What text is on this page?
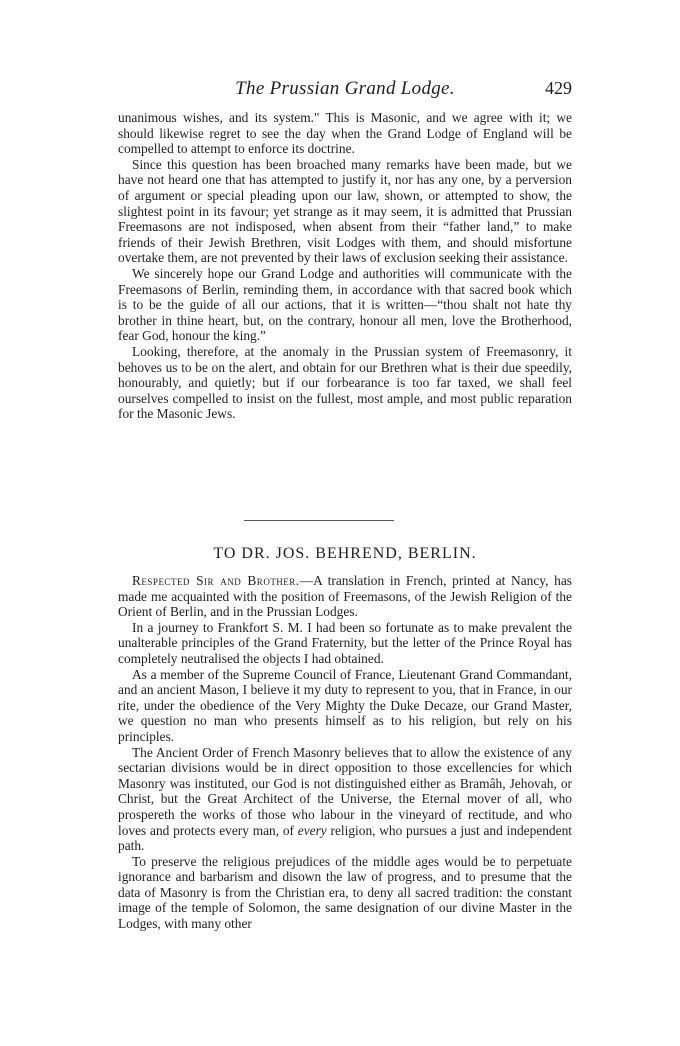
The Prussian Grand Lodge.	429

unanimous wishes, and its system." This is Masonic, and we agree with it; we should likewise regret to see the day when the Grand Lodge of England will be compelled to attempt to enforce its doctrine.

Since this question has been broached many remarks have been made, but we have not heard one that has attempted to justify it, nor has any one, by a perversion of argument or special pleading upon our law, shown, or attempted to show, the slightest point in its favour; yet strange as it may seem, it is admitted that Prussian Freemasons are not indisposed, when absent from their “father land,” to make friends of their Jewish Brethren, visit Lodges with them, and should misfortune overtake them, are not prevented by their laws of exclusion seeking their assistance.

We sincerely hope our Grand Lodge and authorities will communicate with the Freemasons of Berlin, reminding them, in accordance with that sacred book which is to be the guide of all our actions, that it is written—“thou shalt not hate thy brother in thine heart, but, on the contrary, honour all men, love the Brotherhood, fear God, honour the king.”

Looking, therefore, at the anomaly in the Prussian system of Freemasonry, it behoves us to be on the alert, and obtain for our Brethren what is their due speedily, honourably, and quietly; but if our forbearance is too far taxed, we shall feel ourselves compelled to insist on the fullest, most ample, and most public reparation for the Masonic Jews.

TO DR. JOS. BEHREND, BERLIN.

Respected Sir and Brother.—A translation in French, printed at Nancy, has made me acquainted with the position of Freemasons, of the Jewish Religion of the Orient of Berlin, and in the Prussian Lodges.

In a journey to Frankfort S. M. I had been so fortunate as to make prevalent the unalterable principles of the Grand Fraternity, but the letter of the Prince Royal has completely neutralised the objects I had obtained.

As a member of the Supreme Council of France, Lieutenant Grand Commandant, and an ancient Mason, I believe it my duty to represent to you, that in France, in our rite, under the obedience of the Very Mighty the Duke Decaze, our Grand Master, we question no man who presents himself as to his religion, but rely on his principles.

The Ancient Order of French Masonry believes that to allow the existence of any sectarian divisions would be in direct opposition to those excellencies for which Masonry was instituted, our God is not distinguished either as Bramâh, Jehovah, or Christ, but the Great Architect of the Universe, the Eternal mover of all, who prospereth the works of those who labour in the vineyard of rectitude, and who loves and protects every man, of every religion, who pursues a just and independent path.

To preserve the religious prejudices of the middle ages would be to perpetuate ignorance and barbarism and disown the law of progress, and to presume that the data of Masonry is from the Christian era, to deny all sacred tradition: the constant image of the temple of Solomon, the same designation of our divine Master in the Lodges, with many other
